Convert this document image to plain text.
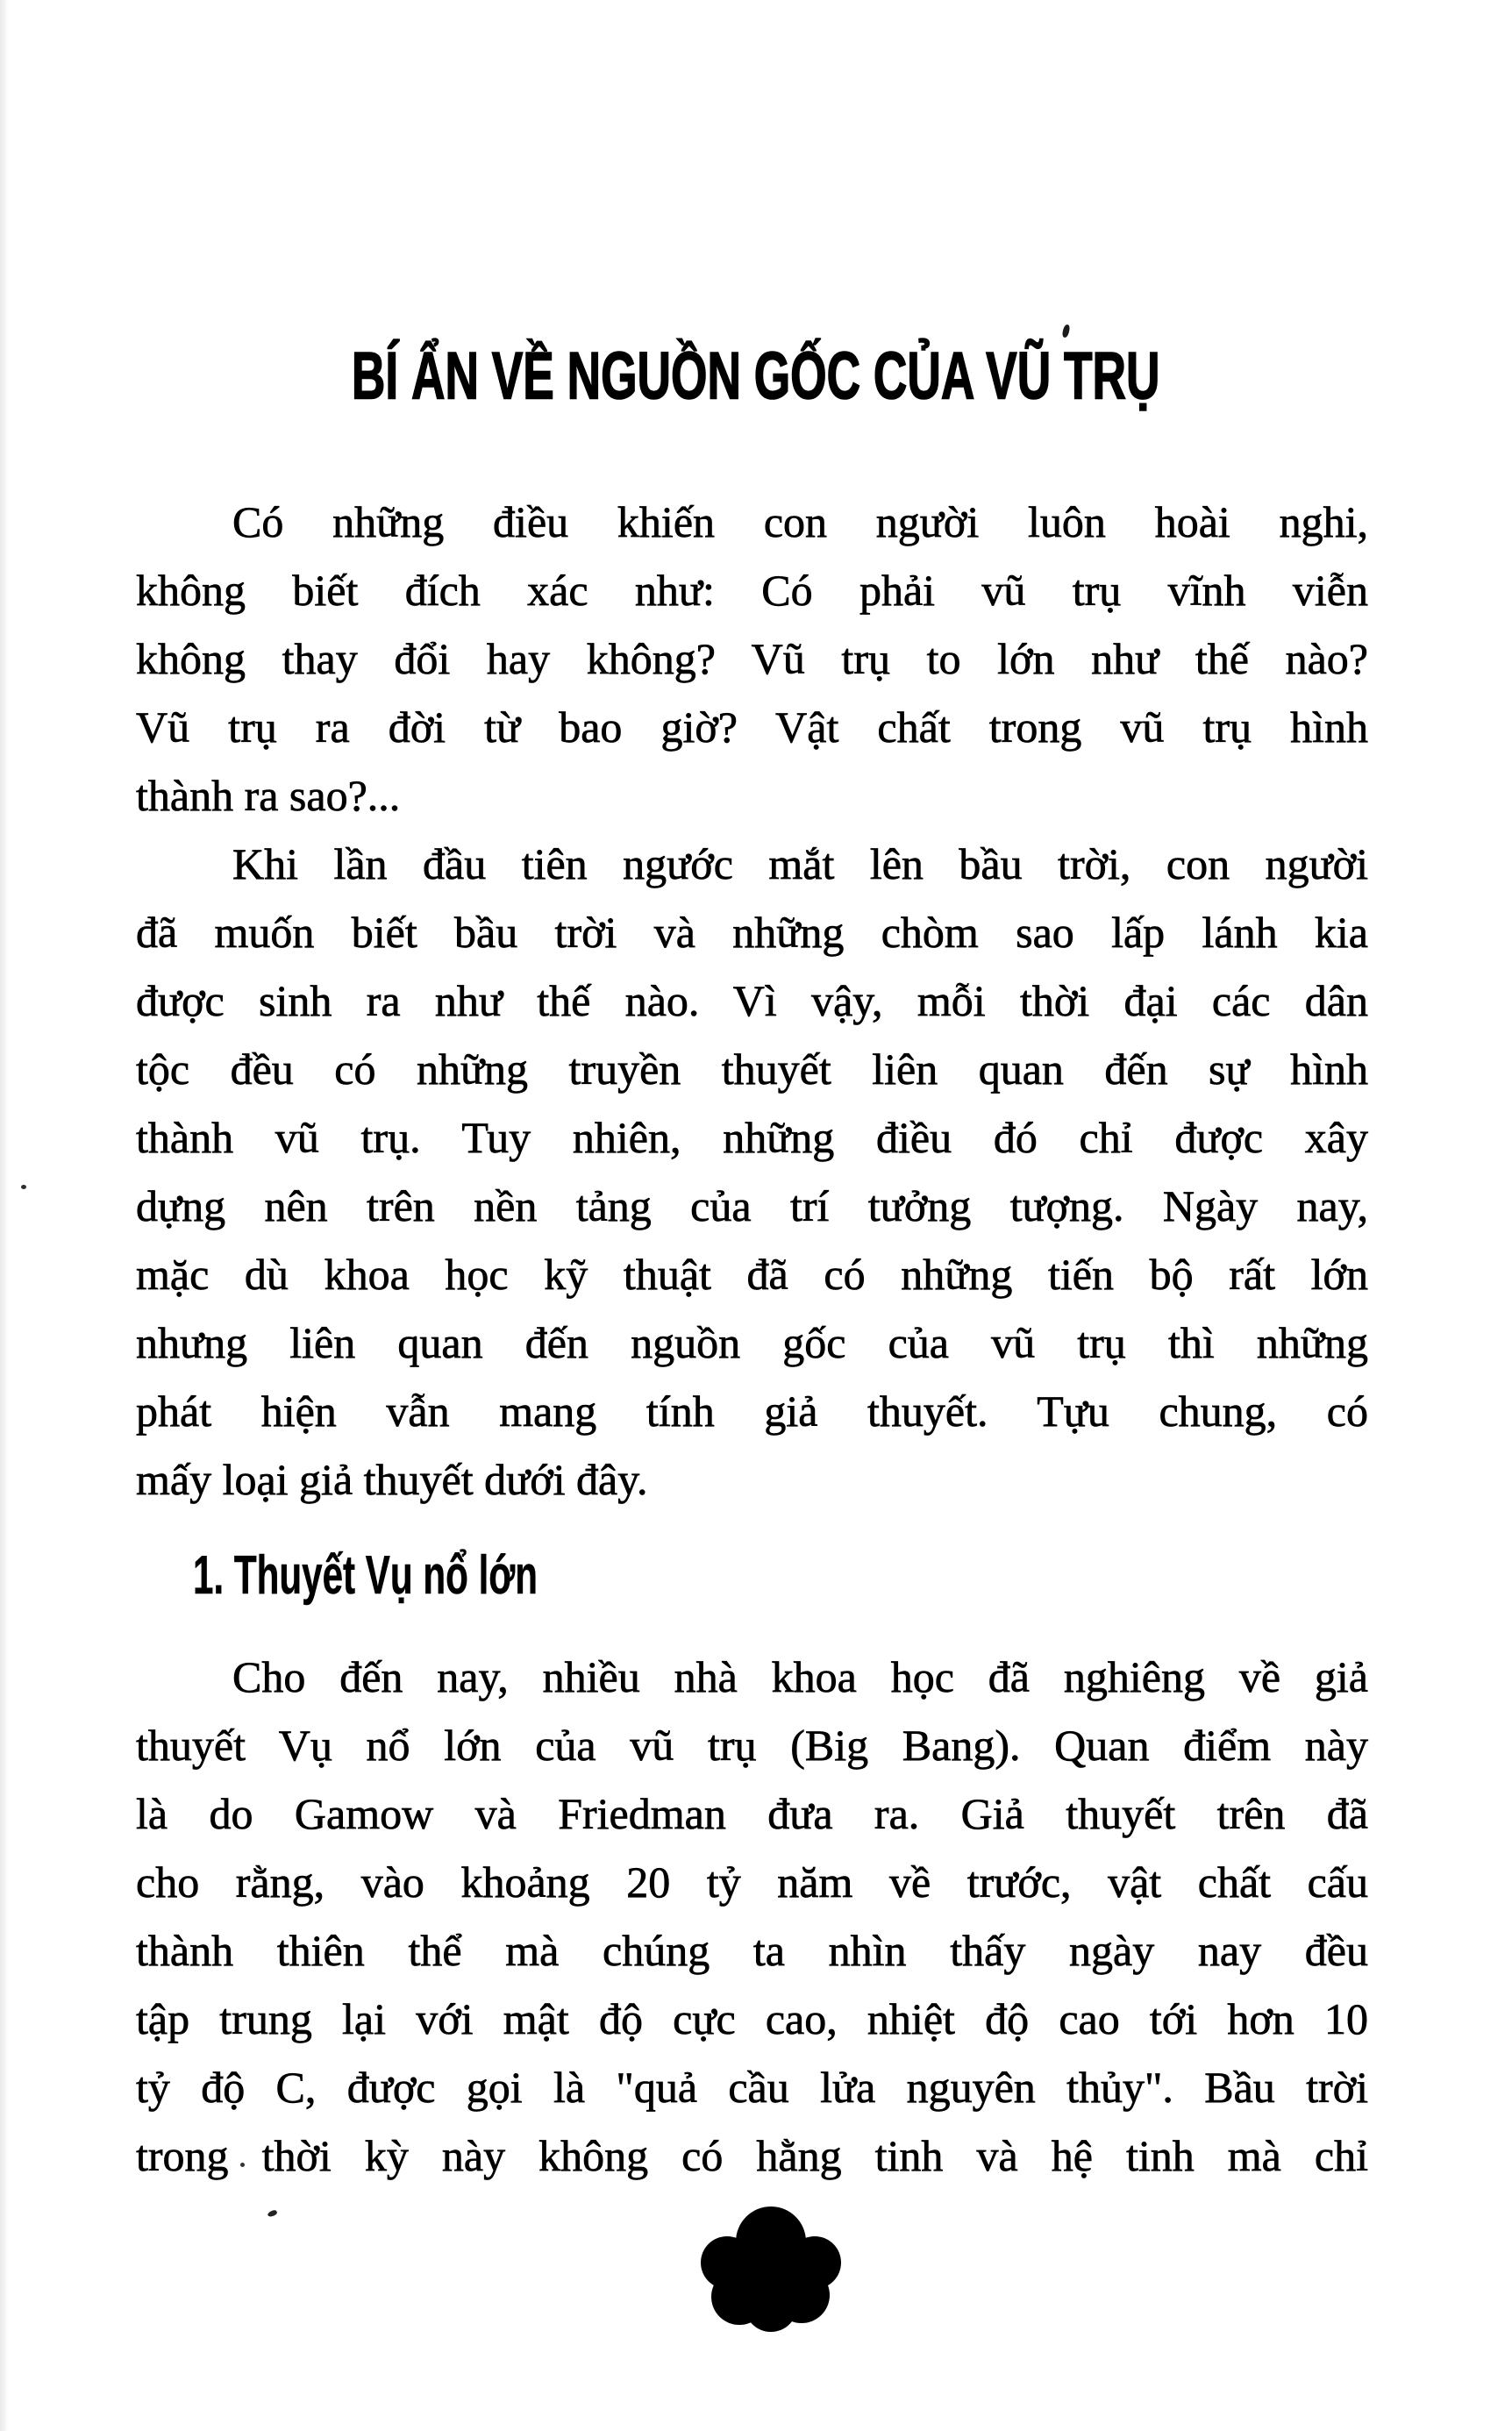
BÍ ẨN VỀ NGUỒN GỐC CỦA VŨ TRỤ
Có những điều khiến con người luôn hoài nghi,
không biết đích xác như: Có phải vũ trụ vĩnh viễn
không thay đổi hay không? Vũ trụ to lớn như thế nào?
Vũ trụ ra đời từ bao giờ? Vật chất trong vũ trụ hình
thành ra sao?...
Khi lần đầu tiên ngước mắt lên bầu trời, con người
đã muốn biết bầu trời và những chòm sao lấp lánh kia
được sinh ra như thế nào. Vì vậy, mỗi thời đại các dân
tộc đều có những truyền thuyết liên quan đến sự hình
thành vũ trụ. Tuy nhiên, những điều đó chỉ được xây
dựng nên trên nền tảng của trí tưởng tượng. Ngày nay,
mặc dù khoa học kỹ thuật đã có những tiến bộ rất lớn
nhưng liên quan đến nguồn gốc của vũ trụ thì những
phát hiện vẫn mang tính giả thuyết. Tựu chung, có
mấy loại giả thuyết dưới đây.
1. Thuyết Vụ nổ lớn
Cho đến nay, nhiều nhà khoa học đã nghiêng về giả
thuyết Vụ nổ lớn của vũ trụ (Big Bang). Quan điểm này
là do Gamow và Friedman đưa ra. Giả thuyết trên đã
cho rằng, vào khoảng 20 tỷ năm về trước, vật chất cấu
thành thiên thể mà chúng ta nhìn thấy ngày nay đều
tập trung lại với mật độ cực cao, nhiệt độ cao tới hơn 10
tỷ độ C, được gọi là "quả cầu lửa nguyên thủy". Bầu trời
trong thời kỳ này không có hằng tinh và hệ tinh mà chỉ
